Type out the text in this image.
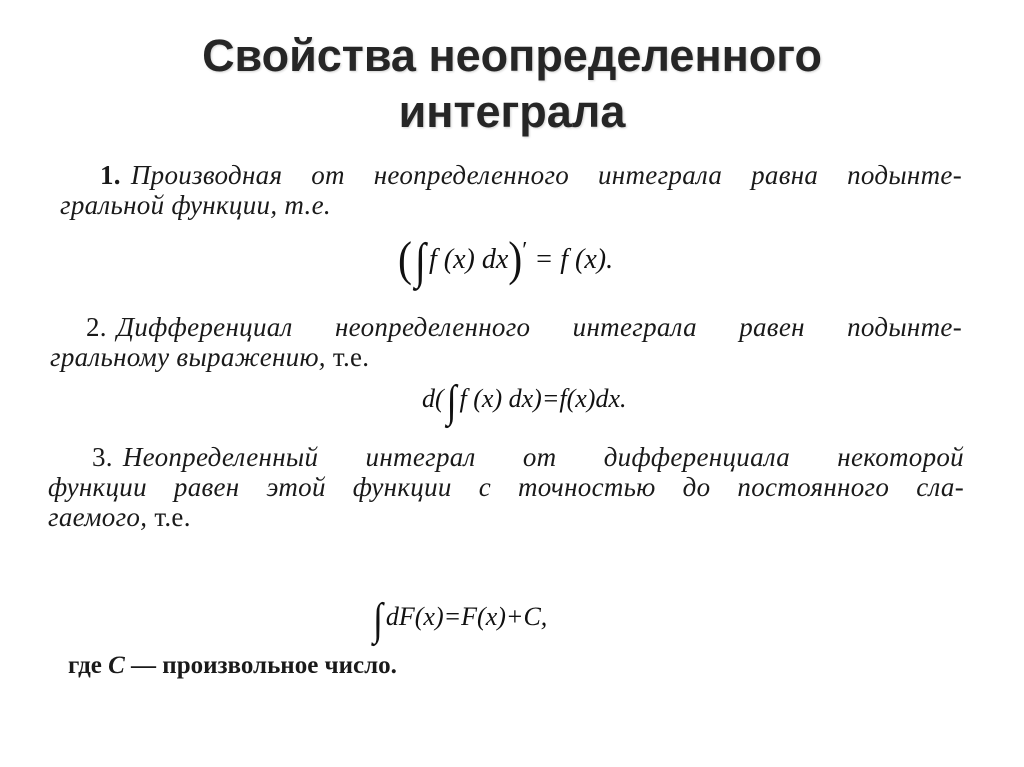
Свойства неопределенного
интеграла
1. Производная от неопределенного интеграла равна подынте-
гральной функции, т.е.
(∫ f (x) dx)′ = f (x).
2. Дифференциал неопределенного интеграла равен подынте-
гральному выражению, т.е.
d(∫ f (x) dx)=f(x)dx.
3. Неопределенный интеграл от дифференциала некоторой
функции равен этой функции с точностью до постоянного сла-
гаемого, т.е.
∫ dF(x)=F(x)+C,
где C — произвольное число.
